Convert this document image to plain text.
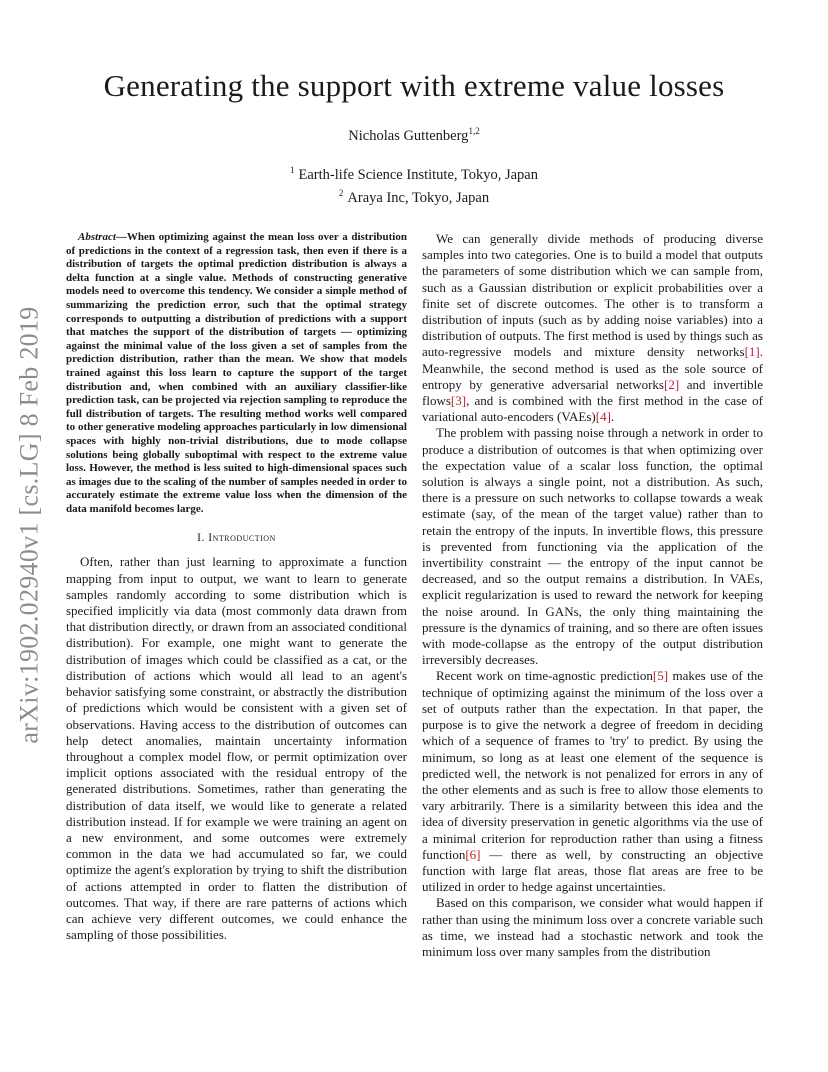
arXiv:1902.02940v1 [cs.LG] 8 Feb 2019
Generating the support with extreme value losses
Nicholas Guttenberg$^{1,2}$
$^1$ Earth-life Science Institute, Tokyo, Japan
$^2$ Araya Inc, Tokyo, Japan

Abstract—When optimizing against the mean loss over a distribution of predictions in the context of a regression task, then even if there is a distribution of targets the optimal prediction distribution is always a delta function at a single value. Methods of constructing generative models need to overcome this tendency. We consider a simple method of summarizing the prediction error, such that the optimal strategy corresponds to outputting a distribution of predictions with a support that matches the support of the distribution of targets — optimizing against the minimal value of the loss given a set of samples from the prediction distribution, rather than the mean. We show that models trained against this loss learn to capture the support of the target distribution and, when combined with an auxiliary classifier-like prediction task, can be projected via rejection sampling to reproduce the full distribution of targets. The resulting method works well compared to other generative modeling approaches particularly in low dimensional spaces with highly non-trivial distributions, due to mode collapse solutions being globally suboptimal with respect to the extreme value loss. However, the method is less suited to high-dimensional spaces such as images due to the scaling of the number of samples needed in order to accurately estimate the extreme value loss when the dimension of the data manifold becomes large.

I. Introduction

Often, rather than just learning to approximate a function mapping from input to output, we want to learn to generate samples randomly according to some distribution which is specified implicitly via data (most commonly data drawn from that distribution directly, or drawn from an associated conditional distribution). For example, one might want to generate the distribution of images which could be classified as a cat, or the distribution of actions which would all lead to an agent's behavior satisfying some constraint, or abstractly the distribution of predictions which would be consistent with a given set of observations. Having access to the distribution of outcomes can help detect anomalies, maintain uncertainty information throughout a complex model flow, or permit optimization over implicit options associated with the residual entropy of the generated distributions. Sometimes, rather than generating the distribution of data itself, we would like to generate a related distribution instead. If for example we were training an agent on a new environment, and some outcomes were extremely common in the data we had accumulated so far, we could optimize the agent's exploration by trying to shift the distribution of actions attempted in order to flatten the distribution of outcomes. That way, if there are rare patterns of actions which can achieve very different outcomes, we could enhance the sampling of those possibilities.

We can generally divide methods of producing diverse samples into two categories. One is to build a model that outputs the parameters of some distribution which we can sample from, such as a Gaussian distribution or explicit probabilities over a finite set of discrete outcomes. The other is to transform a distribution of inputs (such as by adding noise variables) into a distribution of outputs. The first method is used by things such as auto-regressive models and mixture density networks[1]. Meanwhile, the second method is used as the sole source of entropy by generative adversarial networks[2] and invertible flows[3], and is combined with the first method in the case of variational auto-encoders (VAEs)[4].

The problem with passing noise through a network in order to produce a distribution of outcomes is that when optimizing over the expectation value of a scalar loss function, the optimal solution is always a single point, not a distribution. As such, there is a pressure on such networks to collapse towards a weak estimate (say, of the mean of the target value) rather than to retain the entropy of the inputs. In invertible flows, this pressure is prevented from functioning via the application of the invertibility constraint — the entropy of the input cannot be decreased, and so the output remains a distribution. In VAEs, explicit regularization is used to reward the network for keeping the noise around. In GANs, the only thing maintaining the pressure is the dynamics of training, and so there are often issues with mode-collapse as the entropy of the output distribution irreversibly decreases.

Recent work on time-agnostic prediction[5] makes use of the technique of optimizing against the minimum of the loss over a set of outputs rather than the expectation. In that paper, the purpose is to give the network a degree of freedom in deciding which of a sequence of frames to 'try' to predict. By using the minimum, so long as at least one element of the sequence is predicted well, the network is not penalized for errors in any of the other elements and as such is free to allow those elements to vary arbitrarily. There is a similarity between this idea and the idea of diversity preservation in genetic algorithms via the use of a minimal criterion for reproduction rather than using a fitness function[6] — there as well, by constructing an objective function with large flat areas, those flat areas are free to be utilized in order to hedge against uncertainties.

Based on this comparison, we consider what would happen if rather than using the minimum loss over a concrete variable such as time, we instead had a stochastic network and took the minimum loss over many samples from the distribution
